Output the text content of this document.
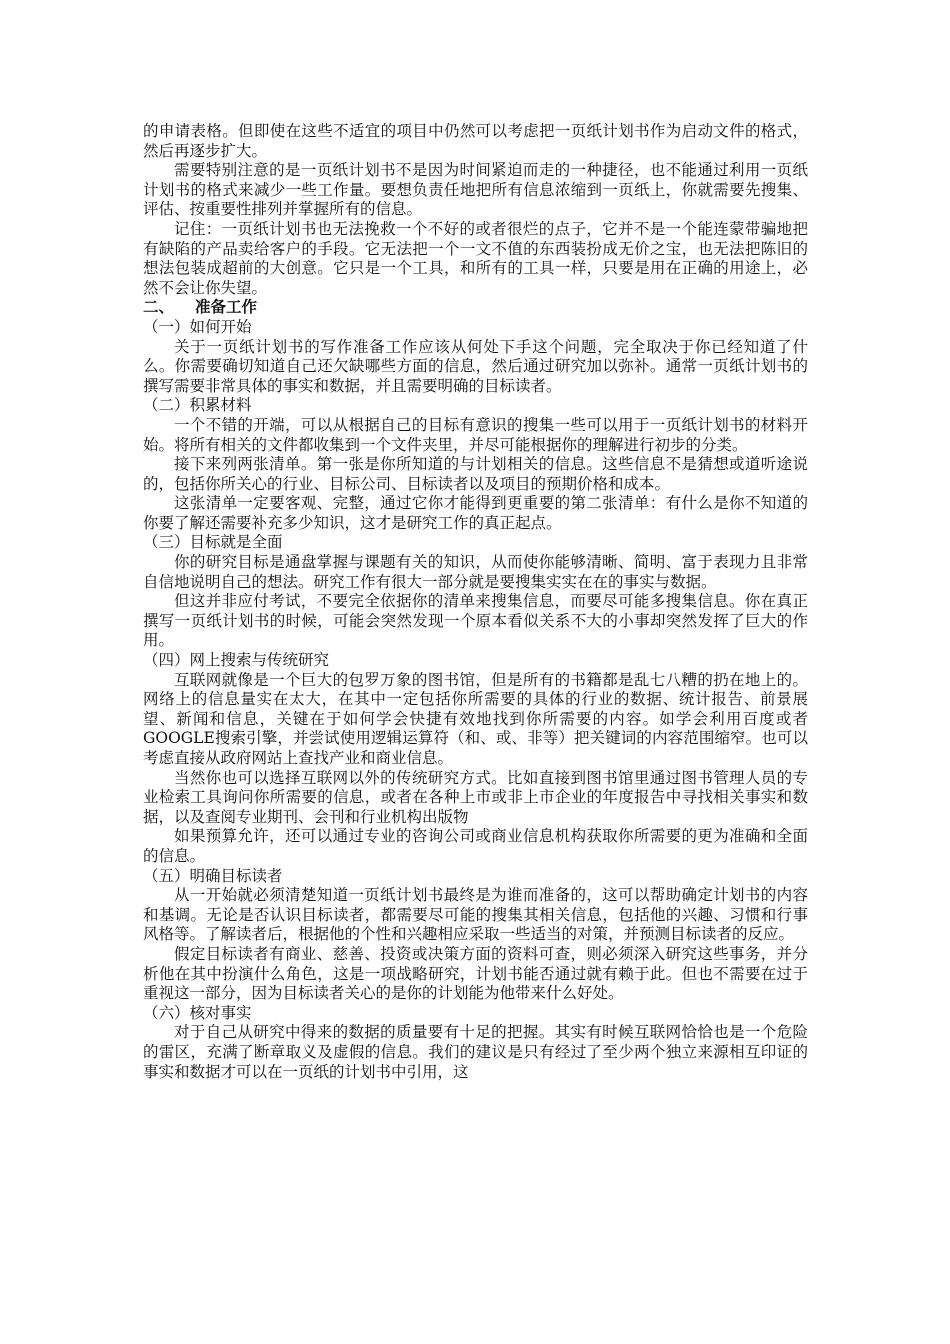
的申请表格。但即使在这些不适宜的项目中仍然可以考虑把一页纸计划书作为启动文件的格式，然后再逐步扩大。

需要特别注意的是一页纸计划书不是因为时间紧迫而走的一种捷径，也不能通过利用一页纸计划书的格式来减少一些工作量。要想负责任地把所有信息浓缩到一页纸上，你就需要先搜集、评估、按重要性排列并掌握所有的信息。

记住：一页纸计划书也无法挽救一个不好的或者很烂的点子，它并不是一个能连蒙带骗地把有缺陷的产品卖给客户的手段。它无法把一个一文不值的东西装扮成无价之宝，也无法把陈旧的想法包装成超前的大创意。它只是一个工具，和所有的工具一样，只要是用在正确的用途上，必然不会让你失望。

二、 准备工作

（一）如何开始

关于一页纸计划书的写作准备工作应该从何处下手这个问题，完全取决于你已经知道了什么。你需要确切知道自己还欠缺哪些方面的信息，然后通过研究加以弥补。通常一页纸计划书的撰写需要非常具体的事实和数据，并且需要明确的目标读者。

（二）积累材料

一个不错的开端，可以从根据自己的目标有意识的搜集一些可以用于一页纸计划书的材料开始。将所有相关的文件都收集到一个文件夹里，并尽可能根据你的理解进行初步的分类。

接下来列两张清单。第一张是你所知道的与计划相关的信息。这些信息不是猜想或道听途说的，包括你所关心的行业、目标公司、目标读者以及项目的预期价格和成本。

这张清单一定要客观、完整，通过它你才能得到更重要的第二张清单：有什么是你不知道的你要了解还需要补充多少知识，这才是研究工作的真正起点。

（三）目标就是全面

你的研究目标是通盘掌握与课题有关的知识，从而使你能够清晰、简明、富于表现力且非常自信地说明自己的想法。研究工作有很大一部分就是要搜集实实在在的事实与数据。

但这并非应付考试，不要完全依据你的清单来搜集信息，而要尽可能多搜集信息。你在真正撰写一页纸计划书的时候，可能会突然发现一个原本看似关系不大的小事却突然发挥了巨大的作用。

（四）网上搜索与传统研究

互联网就像是一个巨大的包罗万象的图书馆，但是所有的书籍都是乱七八糟的扔在地上的。网络上的信息量实在太大，在其中一定包括你所需要的具体的行业的数据、统计报告、前景展望、新闻和信息，关键在于如何学会快捷有效地找到你所需要的内容。如学会利用百度或者GOOGLE搜索引擎，并尝试使用逻辑运算符（和、或、非等）把关键词的内容范围缩窄。也可以考虑直接从政府网站上查找产业和商业信息。

当然你也可以选择互联网以外的传统研究方式。比如直接到图书馆里通过图书管理人员的专业检索工具询问你所需要的信息，或者在各种上市或非上市企业的年度报告中寻找相关事实和数据，以及查阅专业期刊、会刊和行业机构出版物

如果预算允许，还可以通过专业的咨询公司或商业信息机构获取你所需要的更为准确和全面的信息。

（五）明确目标读者

从一开始就必须清楚知道一页纸计划书最终是为谁而准备的，这可以帮助确定计划书的内容和基调。无论是否认识目标读者，都需要尽可能的搜集其相关信息，包括他的兴趣、习惯和行事风格等。了解读者后，根据他的个性和兴趣相应采取一些适当的对策，并预测目标读者的反应。

假定目标读者有商业、慈善、投资或决策方面的资料可查，则必须深入研究这些事务，并分析他在其中扮演什么角色，这是一项战略研究，计划书能否通过就有赖于此。但也不需要在过于重视这一部分，因为目标读者关心的是你的计划能为他带来什么好处。

（六）核对事实

对于自己从研究中得来的数据的质量要有十足的把握。其实有时候互联网恰恰也是一个危险的雷区，充满了断章取义及虚假的信息。我们的建议是只有经过了至少两个独立来源相互印证的事实和数据才可以在一页纸的计划书中引用，这
